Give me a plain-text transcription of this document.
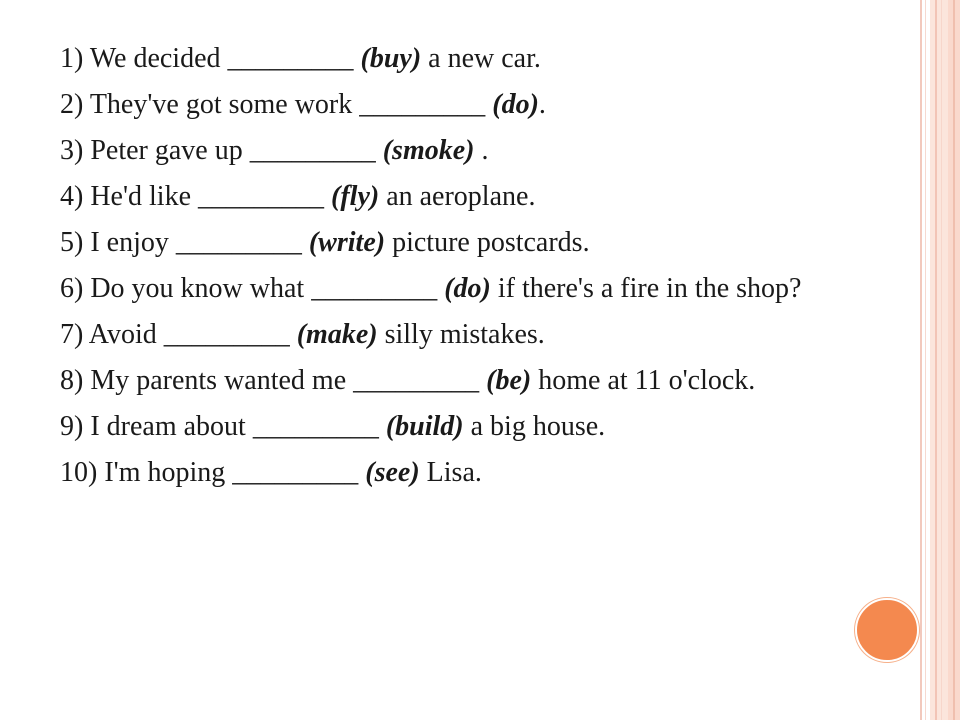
1) We decided _________ (buy) a new car.
2) They've got some work _________ (do).
3) Peter gave up _________ (smoke) .
4) He'd like _________ (fly) an aeroplane.
5) I enjoy _________ (write) picture postcards.
6) Do you know what _________ (do) if there's a fire in the shop?
7) Avoid _________ (make) silly mistakes.
8) My parents wanted me _________ (be) home at 11 o'clock.
9) I dream about _________ (build) a big house.
10) I'm hoping _________ (see) Lisa.
